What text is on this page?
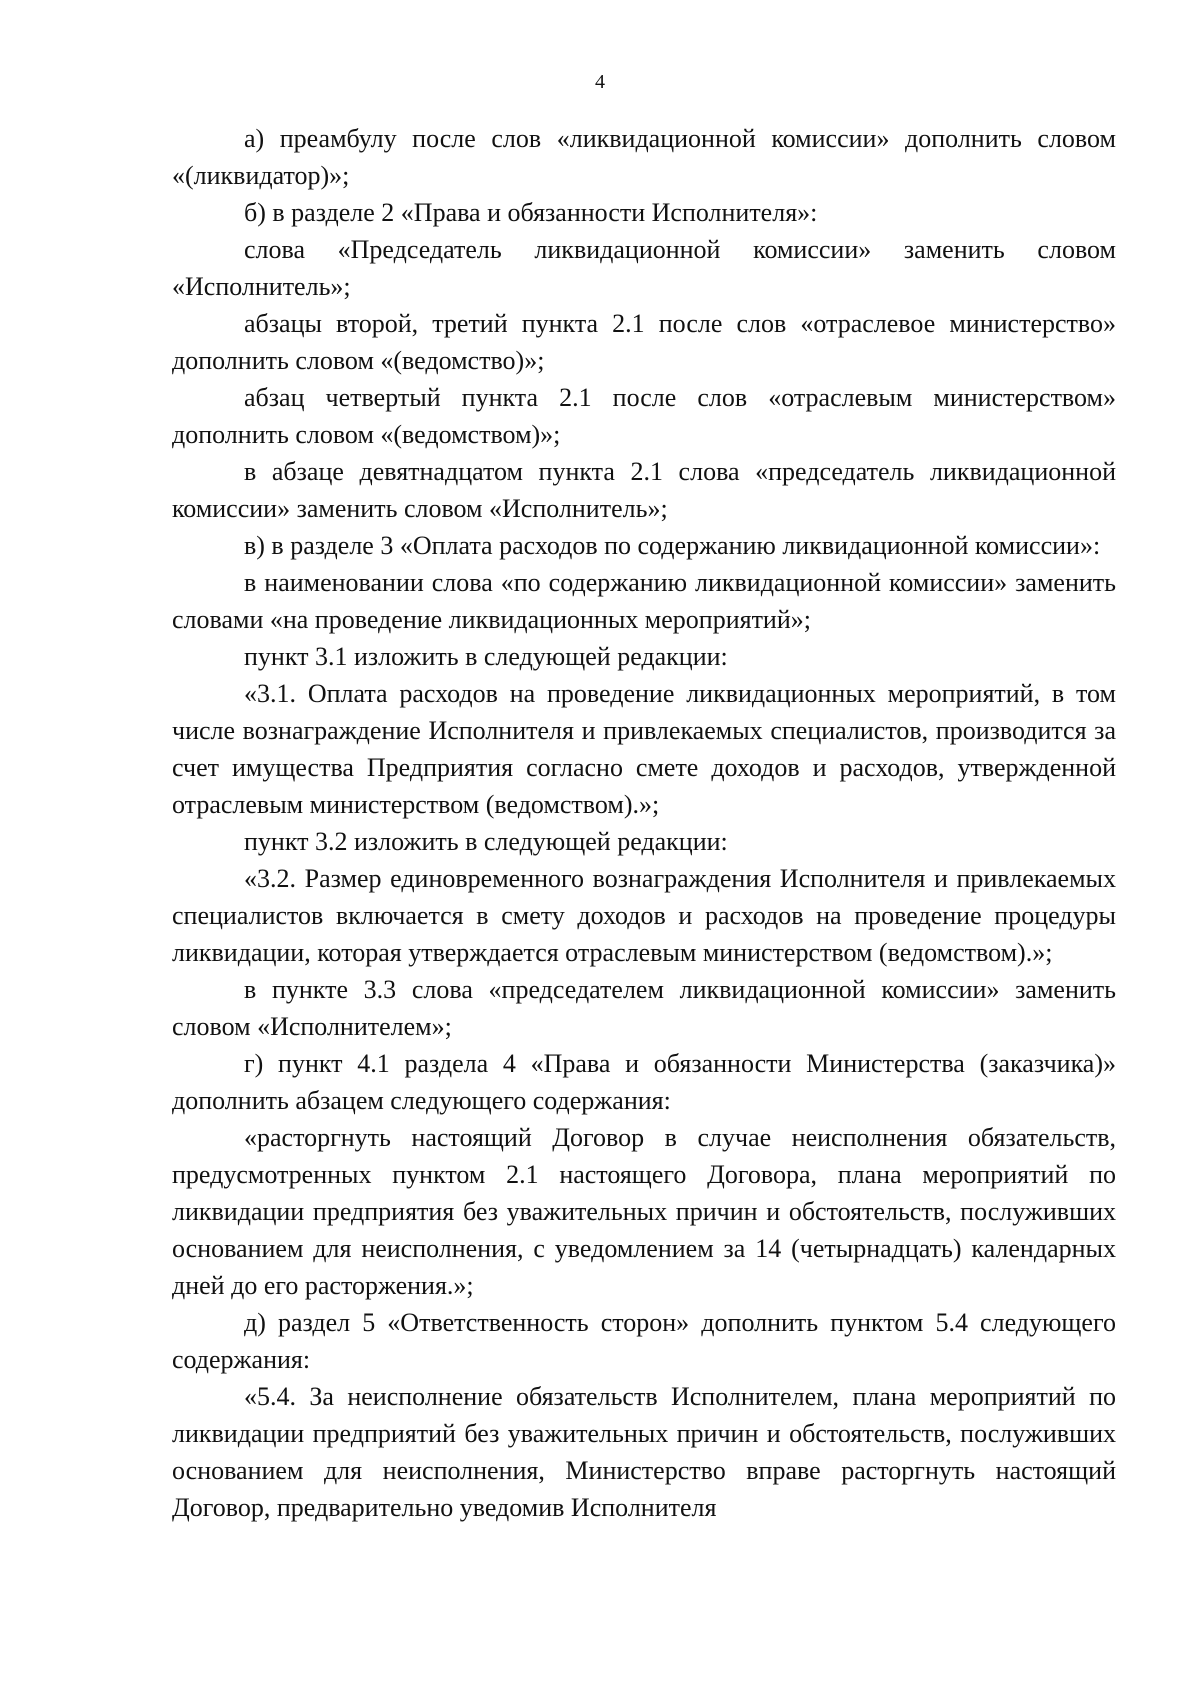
4

а) преамбулу после слов «ликвидационной комиссии» дополнить словом «(ликвидатор)»;

б) в разделе 2 «Права и обязанности Исполнителя»:

слова «Председатель ликвидационной комиссии» заменить словом «Исполнитель»;

абзацы второй, третий пункта 2.1 после слов «отраслевое министерство» дополнить словом «(ведомство)»;

абзац четвертый пункта 2.1 после слов «отраслевым министерством» дополнить словом «(ведомством)»;

в абзаце девятнадцатом пункта 2.1 слова «председатель ликвидационной комиссии» заменить словом «Исполнитель»;

в) в разделе 3 «Оплата расходов по содержанию ликвидационной комиссии»:

в наименовании слова «по содержанию ликвидационной комиссии» заменить словами «на проведение ликвидационных мероприятий»;

пункт 3.1 изложить в следующей редакции:

«3.1. Оплата расходов на проведение ликвидационных мероприятий, в том числе вознаграждение Исполнителя и привлекаемых специалистов, производится за счет имущества Предприятия согласно смете доходов и расходов, утвержденной отраслевым министерством (ведомством).»;

пункт 3.2 изложить в следующей редакции:

«3.2. Размер единовременного вознаграждения Исполнителя и привлекаемых специалистов включается в смету доходов и расходов на проведение процедуры ликвидации, которая утверждается отраслевым министерством (ведомством).»;

в пункте 3.3 слова «председателем ликвидационной комиссии» заменить словом «Исполнителем»;

г) пункт 4.1 раздела 4 «Права и обязанности Министерства (заказчика)» дополнить абзацем следующего содержания:

«расторгнуть настоящий Договор в случае неисполнения обязательств, предусмотренных пунктом 2.1 настоящего Договора, плана мероприятий по ликвидации предприятия без уважительных причин и обстоятельств, послуживших основанием для неисполнения, с уведомлением за 14 (четырнадцать) календарных дней до его расторжения.»;

д) раздел 5 «Ответственность сторон» дополнить пунктом 5.4 следующего содержания:

«5.4. За неисполнение обязательств Исполнителем, плана мероприятий по ликвидации предприятий без уважительных причин и обстоятельств, послуживших основанием для неисполнения, Министерство вправе расторгнуть настоящий Договор, предварительно уведомив Исполнителя
